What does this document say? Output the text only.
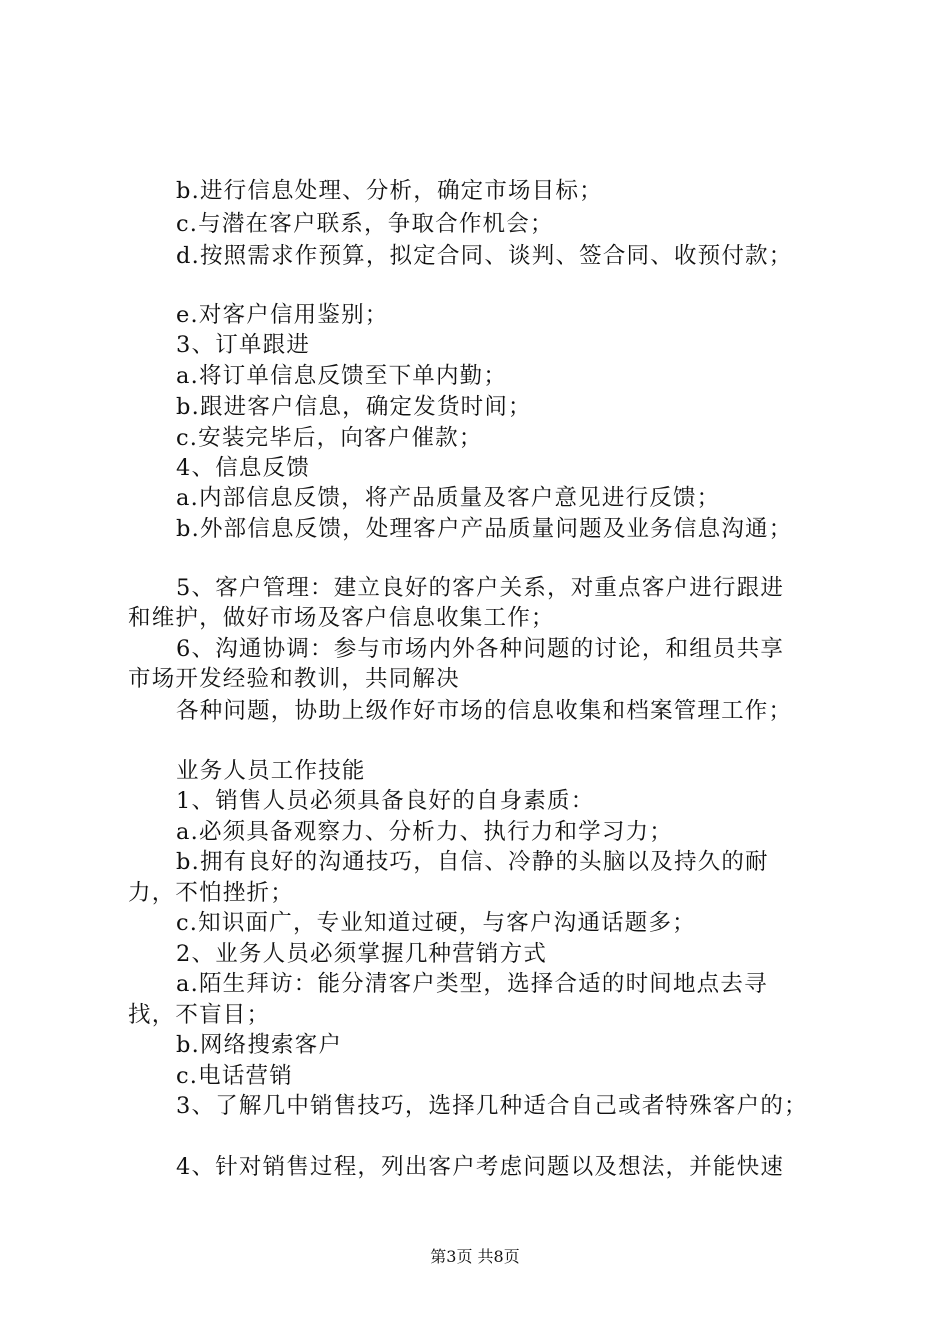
b.进行信息处理、分析，确定市场目标；
c.与潜在客户联系，争取合作机会；
d.按照需求作预算，拟定合同、谈判、签合同、收预付款；
e.对客户信用鉴别；
3、订单跟进
a.将订单信息反馈至下单内勤；
b.跟进客户信息，确定发货时间；
c.安装完毕后，向客户催款；
4、信息反馈
a.内部信息反馈，将产品质量及客户意见进行反馈；
b.外部信息反馈，处理客户产品质量问题及业务信息沟通；
5、客户管理：建立良好的客户关系，对重点客户进行跟进
和维护，做好市场及客户信息收集工作；
6、沟通协调：参与市场内外各种问题的讨论，和组员共享
市场开发经验和教训，共同解决
各种问题，协助上级作好市场的信息收集和档案管理工作；
业务人员工作技能
1、销售人员必须具备良好的自身素质：
a.必须具备观察力、分析力、执行力和学习力；
b.拥有良好的沟通技巧，自信、冷静的头脑以及持久的耐
力，不怕挫折；
c.知识面广，专业知道过硬，与客户沟通话题多；
2、业务人员必须掌握几种营销方式
a.陌生拜访：能分清客户类型，选择合适的时间地点去寻
找，不盲目；
b.网络搜索客户
c.电话营销
3、了解几中销售技巧，选择几种适合自己或者特殊客户的；
4、针对销售过程，列出客户考虑问题以及想法，并能快速
第3页 共8页
